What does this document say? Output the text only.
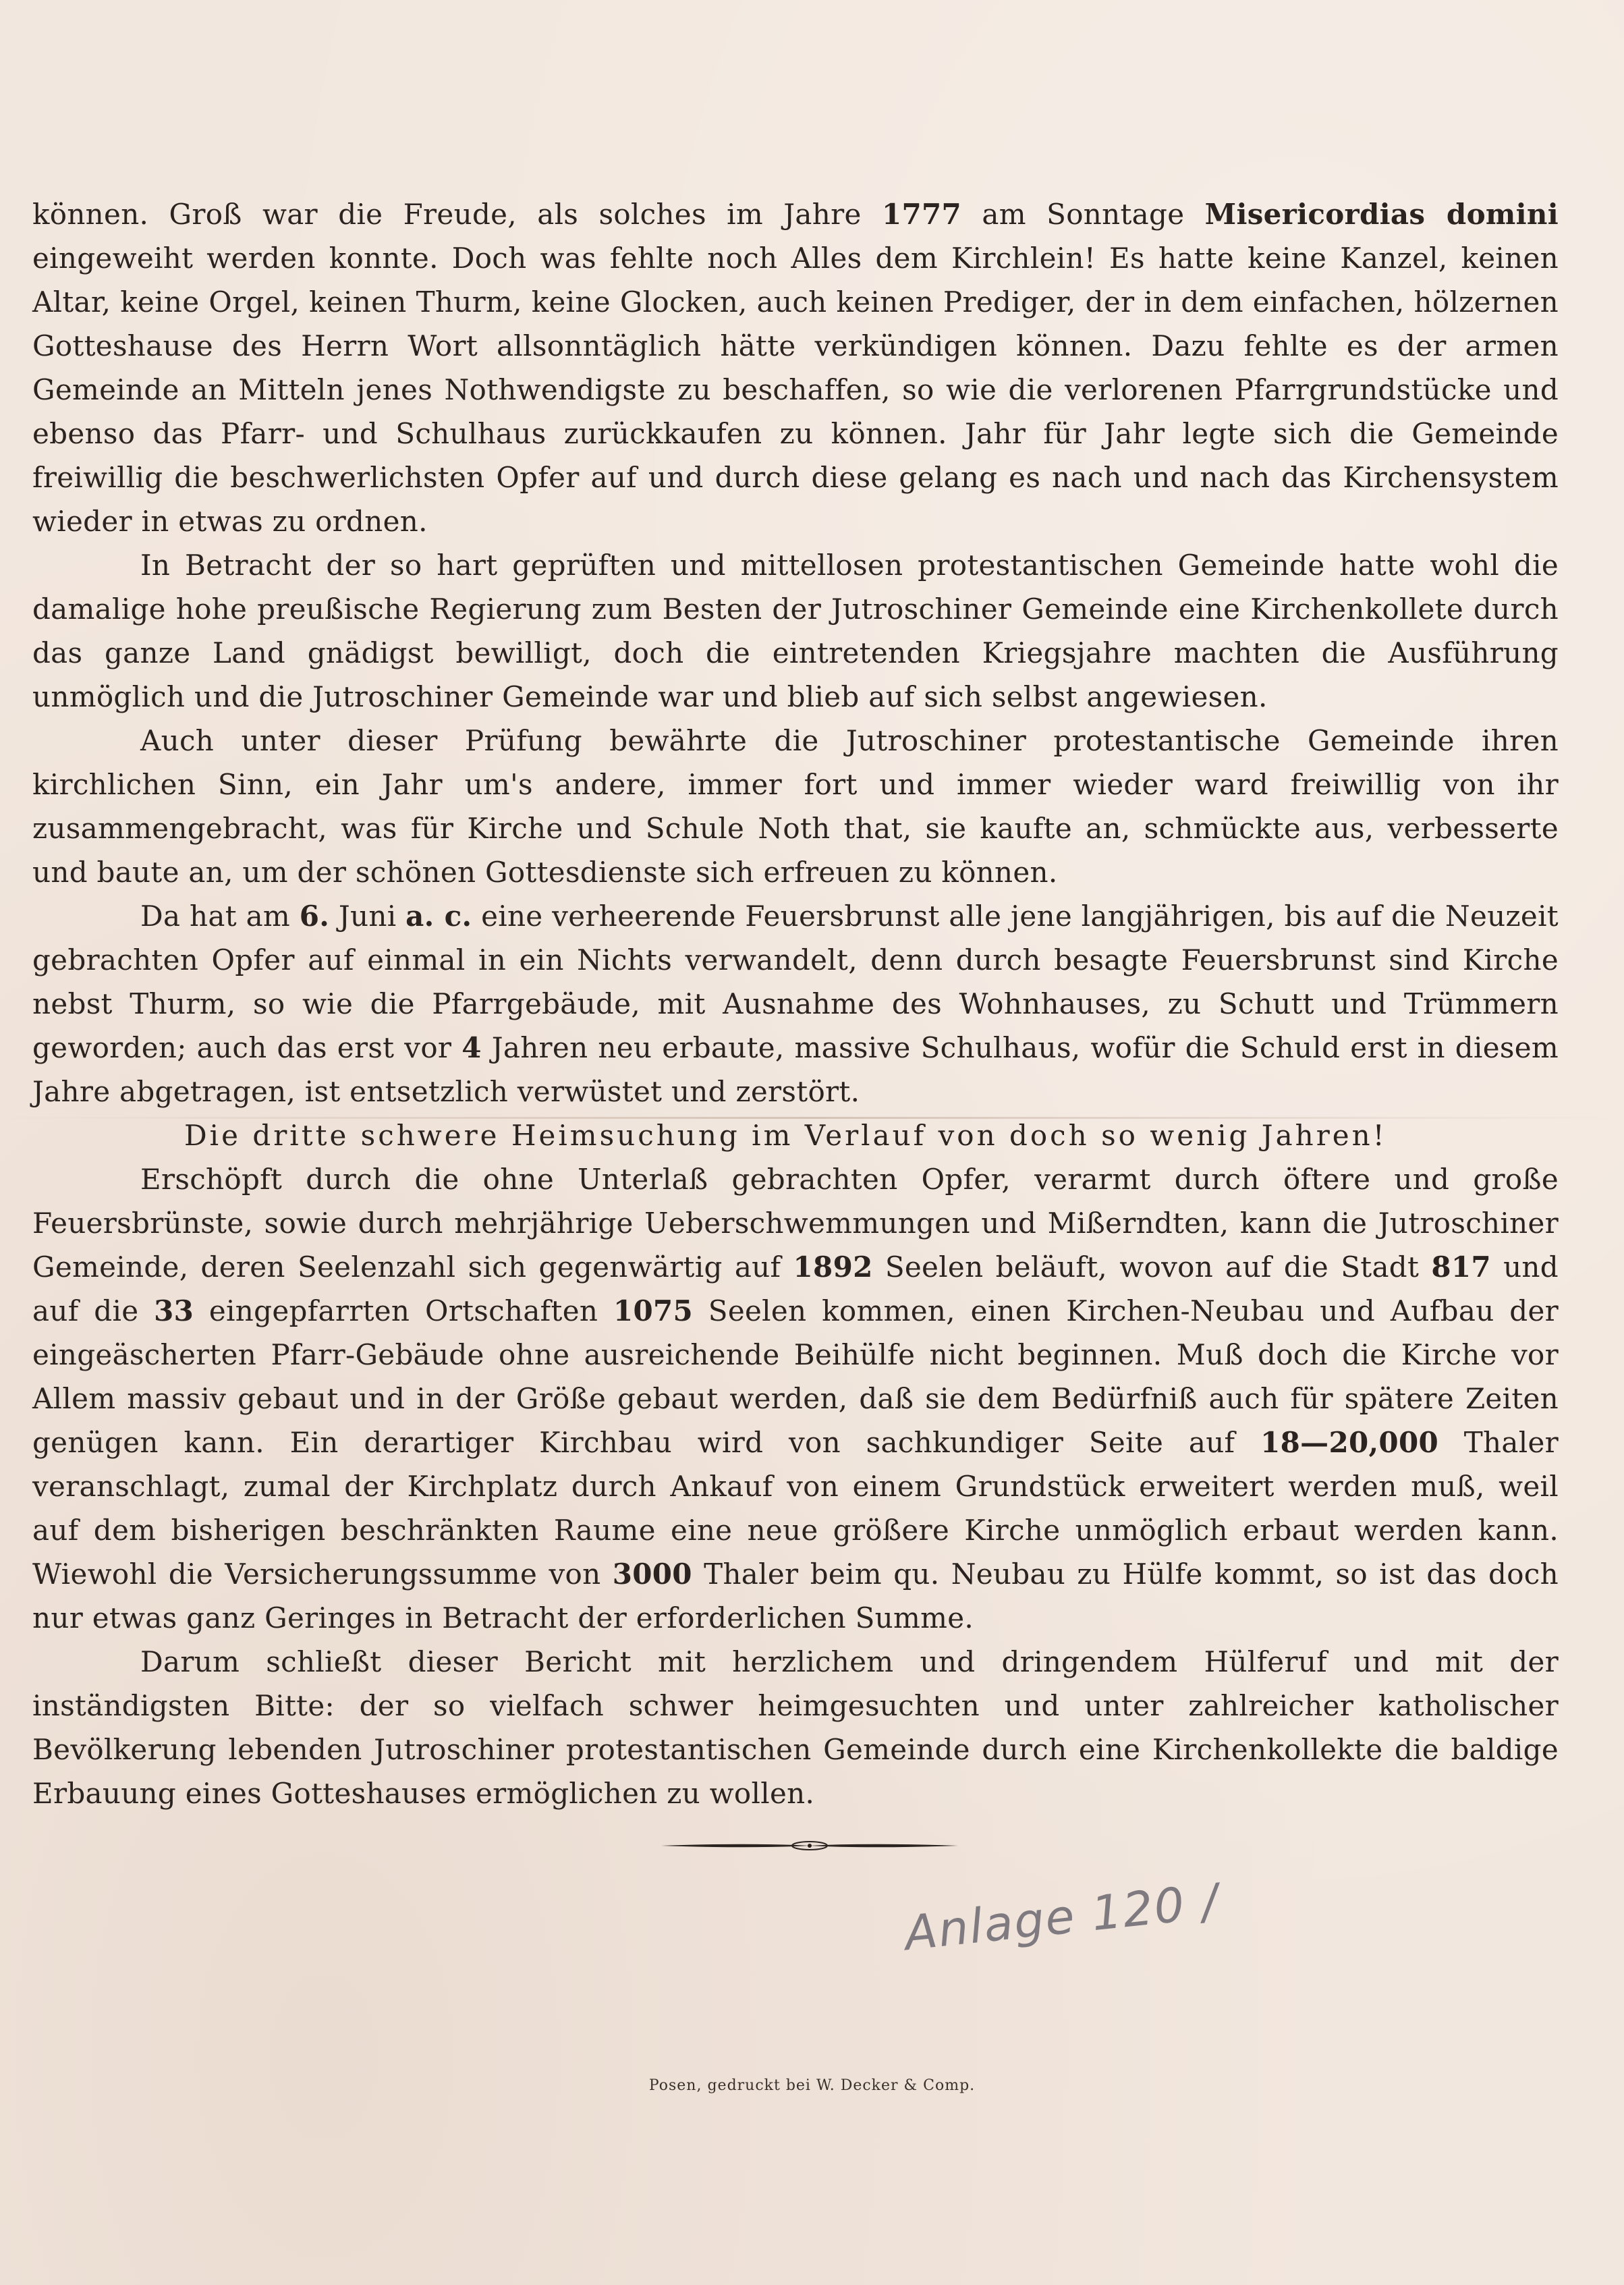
können. Groß war die Freude, als solches im Jahre 1777 am Sonntage Misericordias domini eingeweiht werden konnte. Doch was fehlte noch Alles dem Kirchlein! Es hatte keine Kanzel, keinen Altar, keine Orgel, keinen Thurm, keine Glocken, auch keinen Prediger, der in dem einfachen, hölzernen Gotteshause des Herrn Wort allsonntäglich hätte verkündigen können. Dazu fehlte es der armen Gemeinde an Mitteln jenes Nothwendigste zu beschaffen, so wie die verlorenen Pfarrgrundstücke und ebenso das Pfarr- und Schulhaus zurückkaufen zu können. Jahr für Jahr legte sich die Gemeinde freiwillig die beschwerlichsten Opfer auf und durch diese gelang es nach und nach das Kirchensystem wieder in etwas zu ordnen.

In Betracht der so hart geprüften und mittellosen protestantischen Gemeinde hatte wohl die damalige hohe preußische Regierung zum Besten der Jutroschiner Gemeinde eine Kirchenkollete durch das ganze Land gnädigst bewilligt, doch die eintretenden Kriegsjahre machten die Ausführung unmöglich und die Jutroschiner Gemeinde war und blieb auf sich selbst angewiesen.

Auch unter dieser Prüfung bewährte die Jutroschiner protestantische Gemeinde ihren kirchlichen Sinn, ein Jahr um's andere, immer fort und immer wieder ward freiwillig von ihr zusammengebracht, was für Kirche und Schule Noth that, sie kaufte an, schmückte aus, verbesserte und baute an, um der schönen Gottesdienste sich erfreuen zu können.

Da hat am 6. Juni a. c. eine verheerende Feuersbrunst alle jene langjährigen, bis auf die Neuzeit gebrachten Opfer auf einmal in ein Nichts verwandelt, denn durch besagte Feuersbrunst sind Kirche nebst Thurm, so wie die Pfarrgebäude, mit Ausnahme des Wohnhauses, zu Schutt und Trümmern geworden; auch das erst vor 4 Jahren neu erbaute, massive Schulhaus, wofür die Schuld erst in diesem Jahre abgetragen, ist entsetzlich verwüstet und zerstört.

Die dritte schwere Heimsuchung im Verlauf von doch so wenig Jahren!

Erschöpft durch die ohne Unterlaß gebrachten Opfer, verarmt durch öftere und große Feuersbrünste, sowie durch mehrjährige Ueberschwemmungen und Mißerndten, kann die Jutroschiner Gemeinde, deren Seelenzahl sich gegenwärtig auf 1892 Seelen beläuft, wovon auf die Stadt 817 und auf die 33 eingepfarrten Ortschaften 1075 Seelen kommen, einen Kirchen-Neubau und Aufbau der eingeäscherten Pfarr-Gebäude ohne ausreichende Beihülfe nicht beginnen. Muß doch die Kirche vor Allem massiv gebaut und in der Größe gebaut werden, daß sie dem Bedürfniß auch für spätere Zeiten genügen kann. Ein derartiger Kirchbau wird von sachkundiger Seite auf 18—20,000 Thaler veranschlagt, zumal der Kirchplatz durch Ankauf von einem Grundstück erweitert werden muß, weil auf dem bisherigen beschränkten Raume eine neue größere Kirche unmöglich erbaut werden kann. Wiewohl die Versicherungssumme von 3000 Thaler beim qu. Neubau zu Hülfe kommt, so ist das doch nur etwas ganz Geringes in Betracht der erforderlichen Summe.

Darum schließt dieser Bericht mit herzlichem und dringendem Hülferuf und mit der inständigsten Bitte: der so vielfach schwer heimgesuchten und unter zahlreicher katholischer Bevölkerung lebenden Jutroschiner protestantischen Gemeinde durch eine Kirchenkollekte die baldige Erbauung eines Gotteshauses ermöglichen zu wollen.

Anlage 120 /
Posen, gedruckt bei W. Decker & Comp.
